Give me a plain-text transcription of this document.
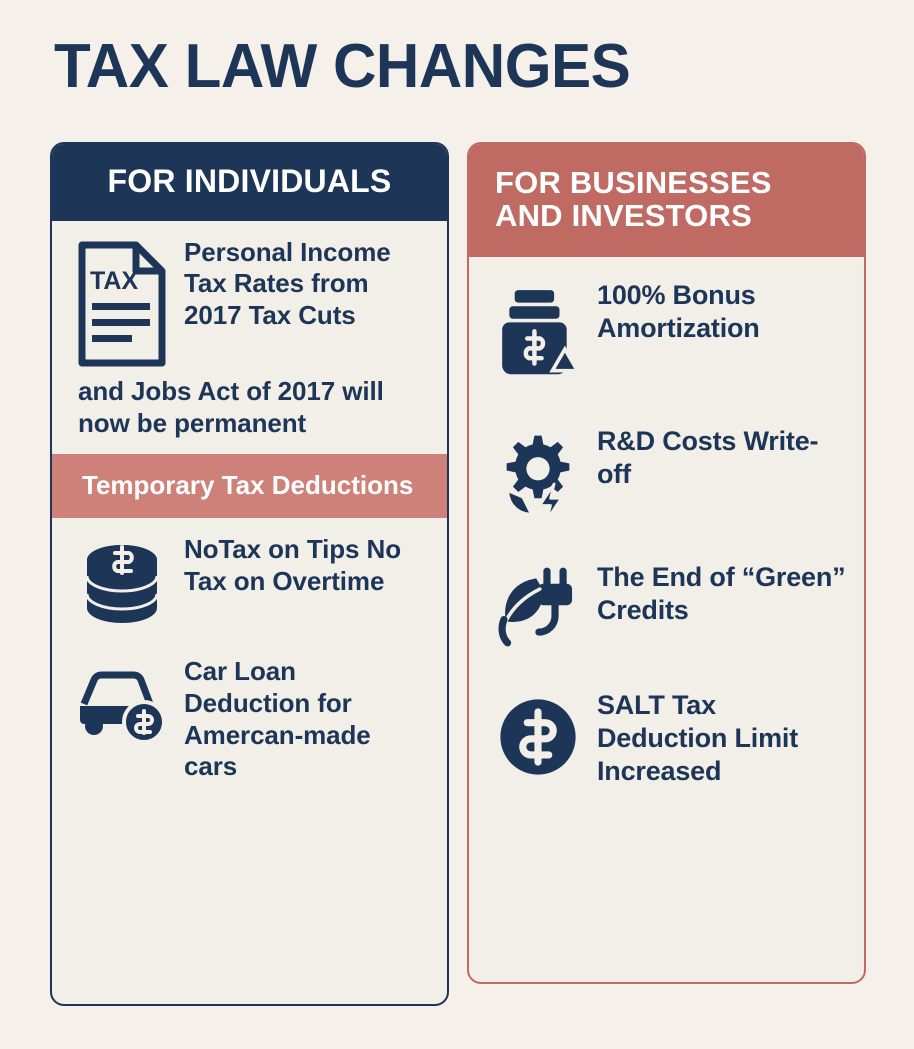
TAX LAW CHANGES
FOR INDIVIDUALS
TAX
Personal Income Tax Rates from 2017 Tax Cuts
and Jobs Act of 2017 will now be permanent
Temporary Tax Deductions
NoTax on Tips No Tax on Overtime
Car Loan Deduction for Amercan-made cars
FOR BUSINESSES AND INVESTORS
100% Bonus Amortization
R&D Costs Write-off
The End of “Green” Credits
SALT Tax Deduction Limit Increased
